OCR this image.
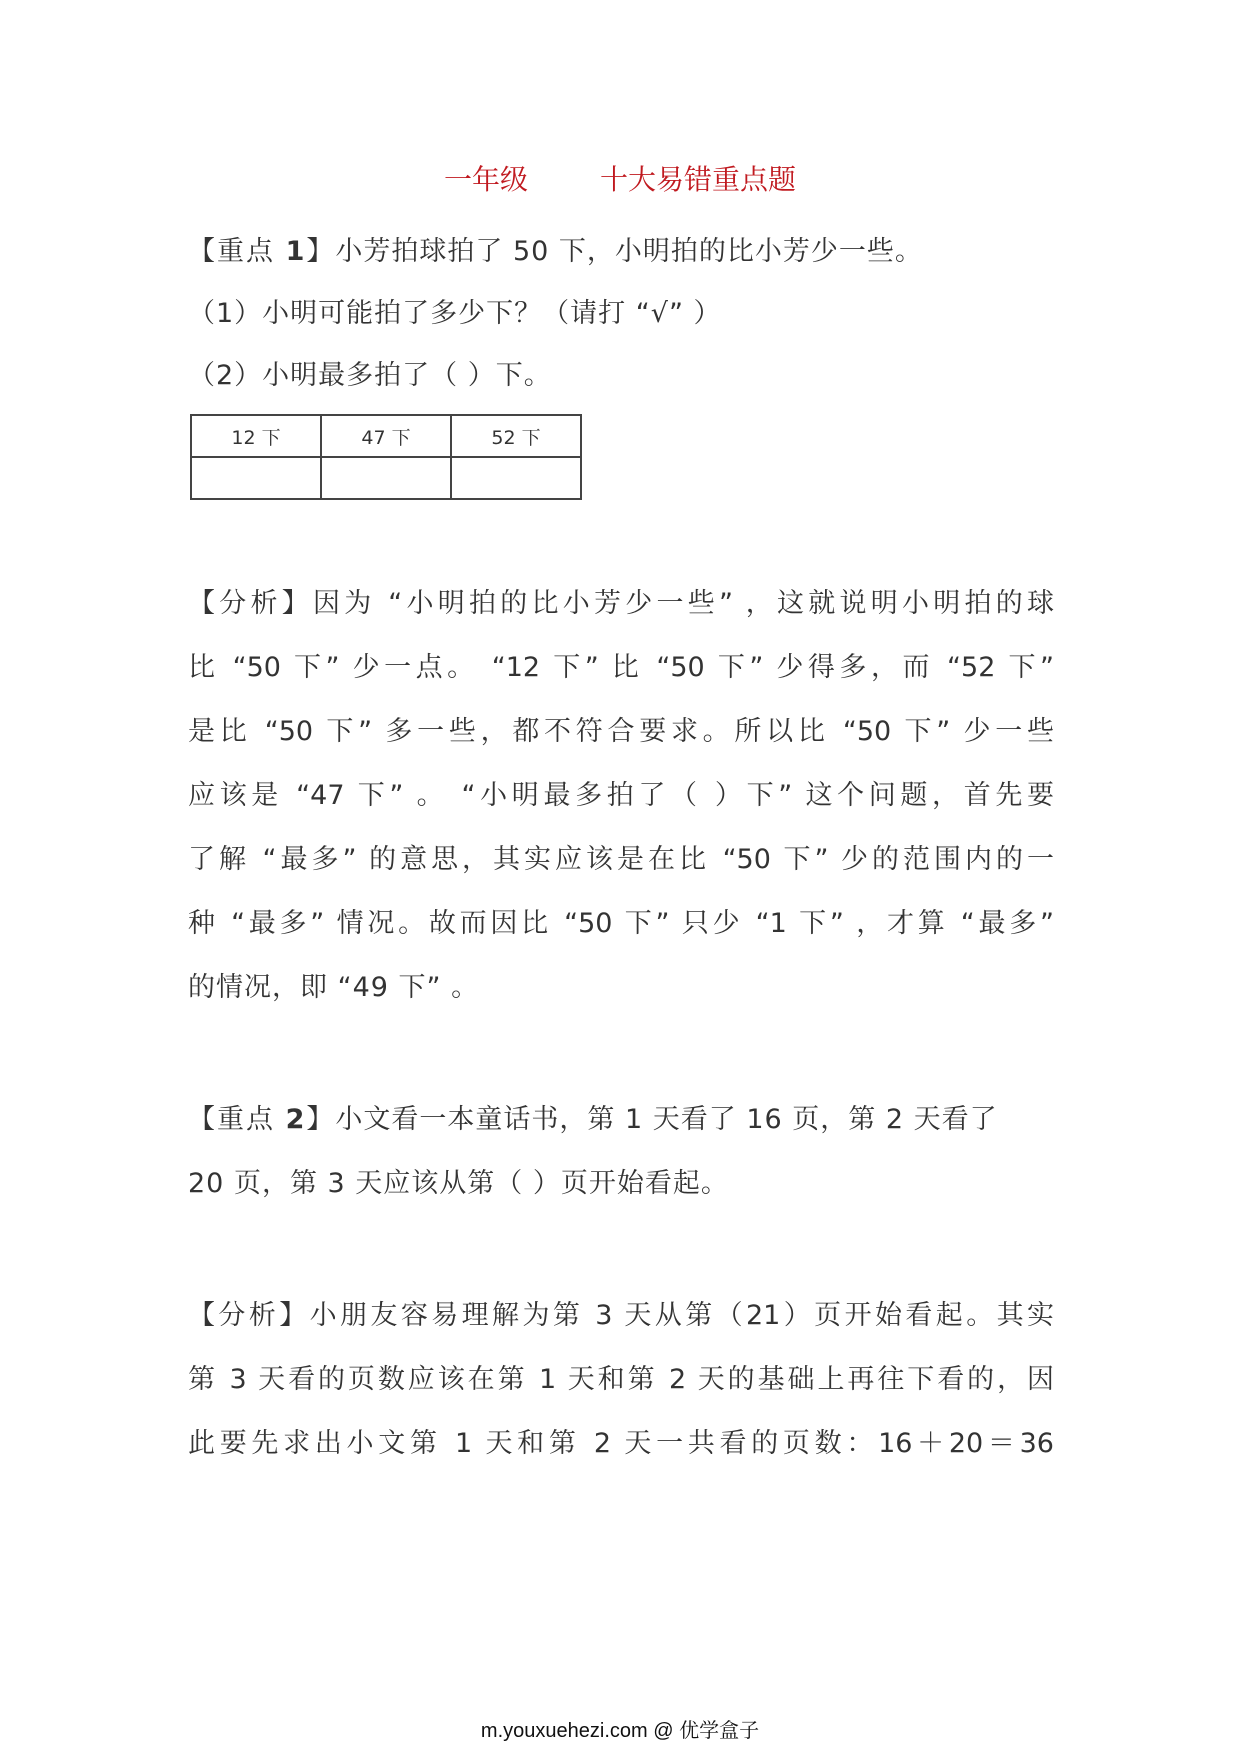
一年级	十大易错重点题
【重点 1】小芳拍球拍了 50 下，小明拍的比小芳少一些。
（1）小明可能拍了多少下？（请打 “√” ）
（2）小明最多拍了（ ）下。
12 下	47 下	52 下

【分析】因为 “小明拍的比小芳少一些” ，这就说明小明拍的球
比 “50 下” 少一点。 “12 下” 比 “50 下” 少得多，而 “52 下”
是比 “50 下” 多一些，都不符合要求。所以比 “50 下” 少一些
应该是 “47 下” 。 “小明最多拍了（ ）下” 这个问题，首先要
了解 “最多” 的意思，其实应该是在比 “50 下” 少的范围内的一
种 “最多” 情况。故而因比 “50 下” 只少 “1 下” ，才算 “最多”
的情况，即 “49 下” 。
【重点 2】小文看一本童话书，第 1 天看了 16 页，第 2 天看了
20 页，第 3 天应该从第（ ）页开始看起。
【分析】小朋友容易理解为第 3 天从第（21）页开始看起。其实
第 3 天看的页数应该在第 1 天和第 2 天的基础上再往下看的，因
此要先求出小文第 1 天和第 2 天一共看的页数：16＋20＝36
m.youxuehezi.com @ 优学盒子
